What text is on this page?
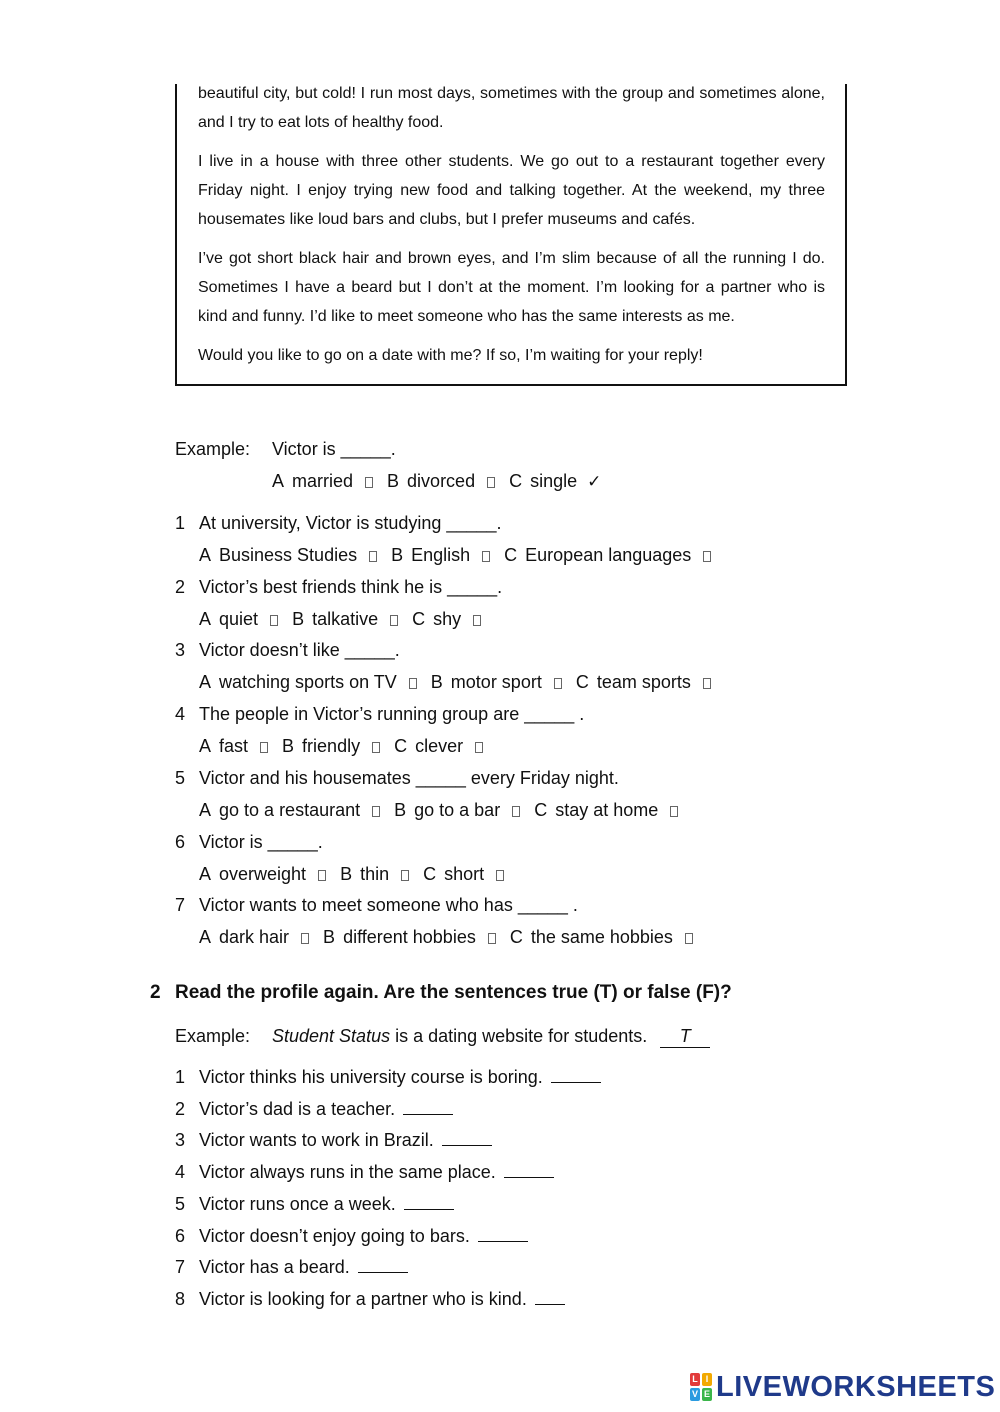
beautiful city, but cold! I run most days, sometimes with the group and sometimes alone, and I try to eat lots of healthy food.

I live in a house with three other students. We go out to a restaurant together every Friday night. I enjoy trying new food and talking together. At the weekend, my three housemates like loud bars and clubs, but I prefer museums and cafés.

I’ve got short black hair and brown eyes, and I’m slim because of all the running I do. Sometimes I have a beard but I don’t at the moment. I’m looking for a partner who is kind and funny. I’d like to meet someone who has the same interests as me.

Would you like to go on a date with me? If so, I’m waiting for your reply!

Example: Victor is _____.
A married B divorced C single ✓
1 At university, Victor is studying _____.
A Business Studies B English C European languages
2 Victor’s best friends think he is _____.
A quiet B talkative C shy
3 Victor doesn’t like _____.
A watching sports on TV B motor sport C team sports
4 The people in Victor’s running group are _____ .
A fast B friendly C clever
5 Victor and his housemates _____ every Friday night.
A go to a restaurant B go to a bar C stay at home
6 Victor is _____.
A overweight B thin C short
7 Victor wants to meet someone who has _____ .
A dark hair B different hobbies C the same hobbies
2 Read the profile again. Are the sentences true (T) or false (F)?
Example: Student Status is a dating website for students. T
1 Victor thinks his university course is boring.
2 Victor’s dad is a teacher.
3 Victor wants to work in Brazil.
4 Victor always runs in the same place.
5 Victor runs once a week.
6 Victor doesn’t enjoy going to bars.
7 Victor has a beard.
8 Victor is looking for a partner who is kind.
L I
V E LIVEWORKSHEETS
